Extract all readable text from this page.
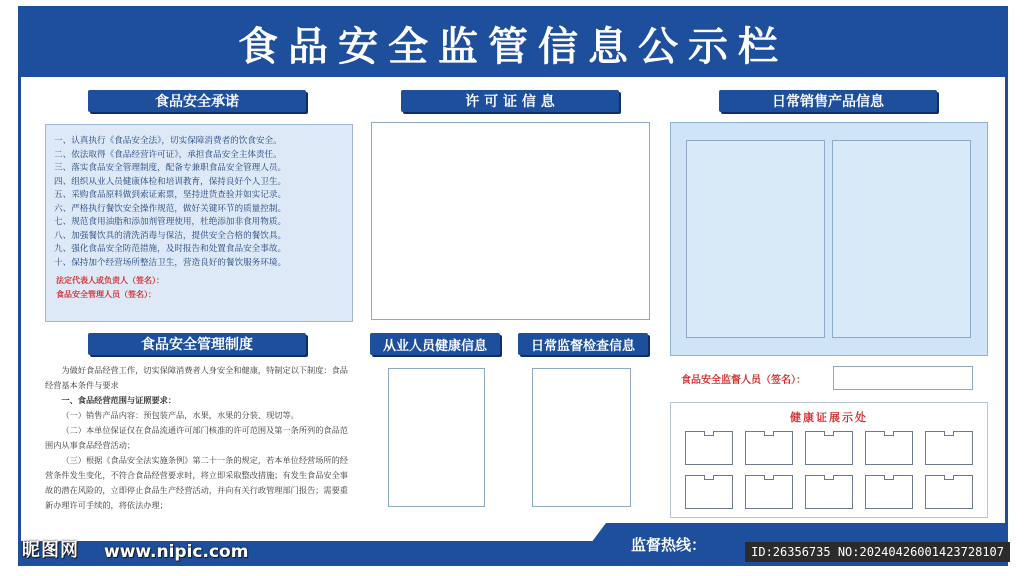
食品安全监管信息公示栏
食品安全承诺
一、认真执行《食品安全法》，切实保障消费者的饮食安全。
二、依法取得《食品经营许可证》，承担食品安全主体责任。
三、落实食品安全管理制度，配备专兼职食品安全管理人员。
四、组织从业人员健康体检和培训教育，保持良好个人卫生。
五、采购食品原料做到索证索票，坚持进货查验并如实记录。
六、严格执行餐饮安全操作规范，做好关键环节的质量控制。
七、规范食用油脂和添加剂管理使用，杜绝添加非食用物质。
八、加强餐饮具的清洗消毒与保洁，提供安全合格的餐饮具。
九、强化食品安全防范措施，及时报告和处置食品安全事故。
十、保持加个经营场所整洁卫生，营造良好的餐饮服务环境。
法定代表人或负责人（签名）：
食品安全管理人员（签名）：
食品安全管理制度

为做好食品经营工作，切实保障消费者人身安全和健康，特制定以下制度：食品经营基本条件与要求

一、食品经营范围与证照要求：

（一）销售产品内容：预包装产品，水果，水果的分装、现切等。

（二）本单位保证仅在食品流通许可部门核准的许可范围及第一条所列的食品范围内从事食品经营活动；

（三）根据《食品安全法实施条例》第二十一条的规定，若本单位经营场所的经营条件发生变化，不符合食品经营要求时，将立即采取整改措施；有发生食品安全事故的潜在风险的，立即停止食品生产经营活动，并向有关行政管理部门报告；需要重新办理许可手续的，将依法办理；

许 可 证 信 息
从业人员健康信息	日常监督检查信息
日常销售产品信息
食品安全监督人员（签名）：
健康证展示处
监督热线：
昵图网 www.nipic.com	ID:26356735 NO:20240426001423728107
